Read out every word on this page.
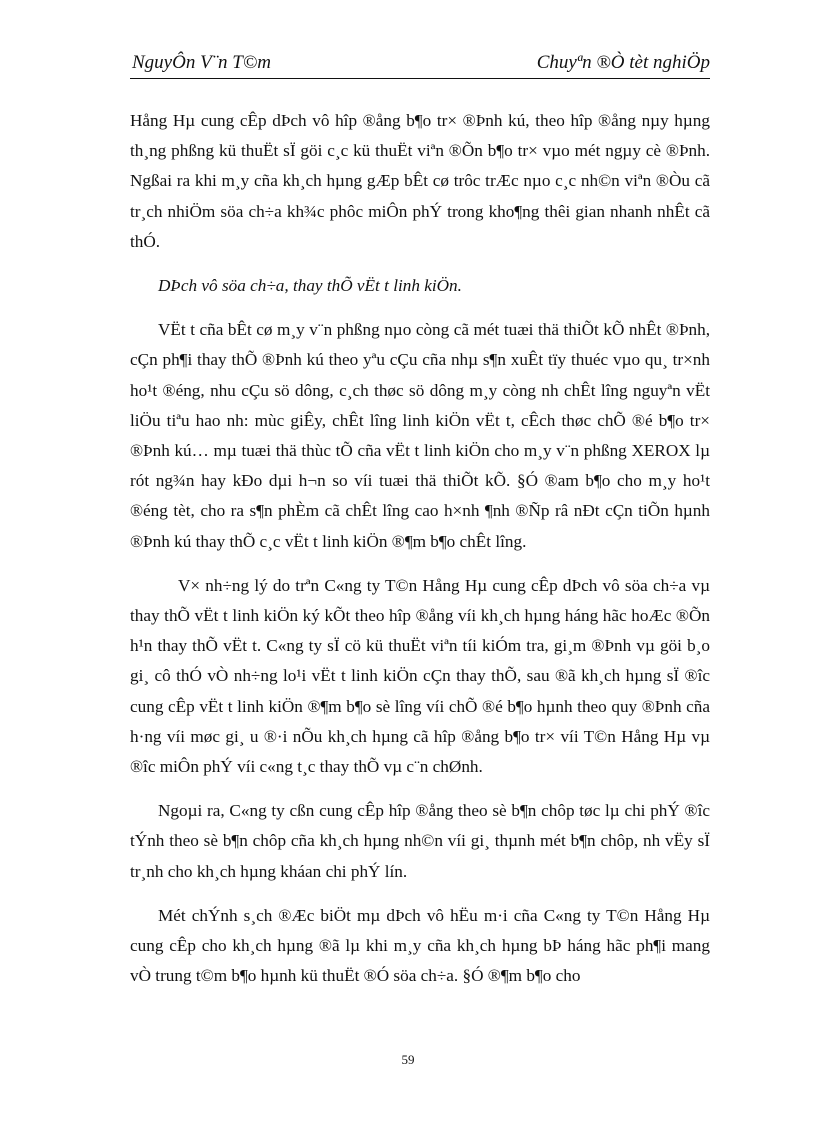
NguyÔn V¨n T©m	Chuyªn ®Ò tèt nghiÖp

Hång Hµ cung cÊp dÞch vô hîp ®ång b¶o tr× ®Þnh kú, theo hîp ®ång nµy hµng th¸ng phßng kü thuËt sÏ göi c¸c kü thuËt viªn ®Õn b¶o tr× vµo mét ngµy cè ®Þnh. Ngßai ra khi m¸y cña kh¸ch hµng gÆp bÊt cø trôc trÆc nµo c¸c nh©n viªn ®Òu cã tr¸ch nhiÖm söa ch÷a kh¾c phôc miÔn phÝ trong kho¶ng thêi gian nhanh nhÊt cã thÓ.

DÞch vô söa ch÷a, thay thÕ vËt t linh kiÖn.

VËt t cña bÊt cø m¸y v¨n phßng nµo còng cã mét tuæi thä thiÕt kÕ nhÊt ®Þnh, cÇn ph¶i thay thÕ ®Þnh kú theo yªu cÇu cña nhµ s¶n xuÊt tïy thuéc vµo qu¸ tr×nh ho¹t ®éng, nhu cÇu sö dông, c¸ch thøc sö dông m¸y còng nh chÊt lîng nguyªn vËt liÖu tiªu hao nh: mùc giÊy, chÊt lîng linh kiÖn vËt t, cÊch thøc chÕ ®é b¶o tr× ®Þnh kú… mµ tuæi thä thùc tÕ cña vËt t linh kiÖn cho m¸y v¨n phßng XEROX lµ rót ng¾n hay kÐo dµi h¬n so víi tuæi thä thiÕt kÕ. §Ó ®am b¶o cho m¸y ho¹t ®éng tèt, cho ra s¶n phÈm cã chÊt lîng cao h×nh ¶nh ®Ñp râ nÐt cÇn tiÕn hµnh ®Þnh kú thay thÕ c¸c vËt t linh kiÖn ®¶m b¶o chÊt lîng.

V× nh÷ng lý do trªn C«ng ty T©n Hång Hµ cung cÊp dÞch vô söa ch÷a vµ thay thÕ vËt t linh kiÖn ký kÕt theo hîp ®ång víi kh¸ch hµng háng hãc hoÆc ®Õn h¹n thay thÕ vËt t. C«ng ty sÏ cö kü thuËt viªn tíi kiÓm tra, gi¸m ®Þnh vµ göi b¸o gi¸ cô thÓ vÒ nh÷ng lo¹i vËt t linh kiÖn cÇn thay thÕ, sau ®ã kh¸ch hµng sÏ ®îc cung cÊp vËt t linh kiÖn ®¶m b¶o sè lîng víi chÕ ®é b¶o hµnh theo quy ®Þnh cña h·ng víi møc gi¸ u ®·i nÕu kh¸ch hµng cã hîp ®ång b¶o tr× víi T©n Hång Hµ vµ ®îc miÔn phÝ víi c«ng t¸c thay thÕ vµ c¨n chØnh.

Ngoµi ra, C«ng ty cßn cung cÊp hîp ®ång theo sè b¶n chôp tøc lµ chi phÝ ®îc tÝnh theo sè b¶n chôp cña kh¸ch hµng nh©n víi gi¸ thµnh mét b¶n chôp, nh vËy sÏ tr¸nh cho kh¸ch hµng kháan chi phÝ lín.

Mét chÝnh s¸ch ®Æc biÖt mµ dÞch vô hËu m·i cña C«ng ty T©n Hång Hµ cung cÊp cho kh¸ch hµng ®ã lµ khi m¸y cña kh¸ch hµng bÞ háng hãc ph¶i mang vÒ trung t©m b¶o hµnh kü thuËt ®Ó söa ch÷a. §Ó ®¶m b¶o cho

59
